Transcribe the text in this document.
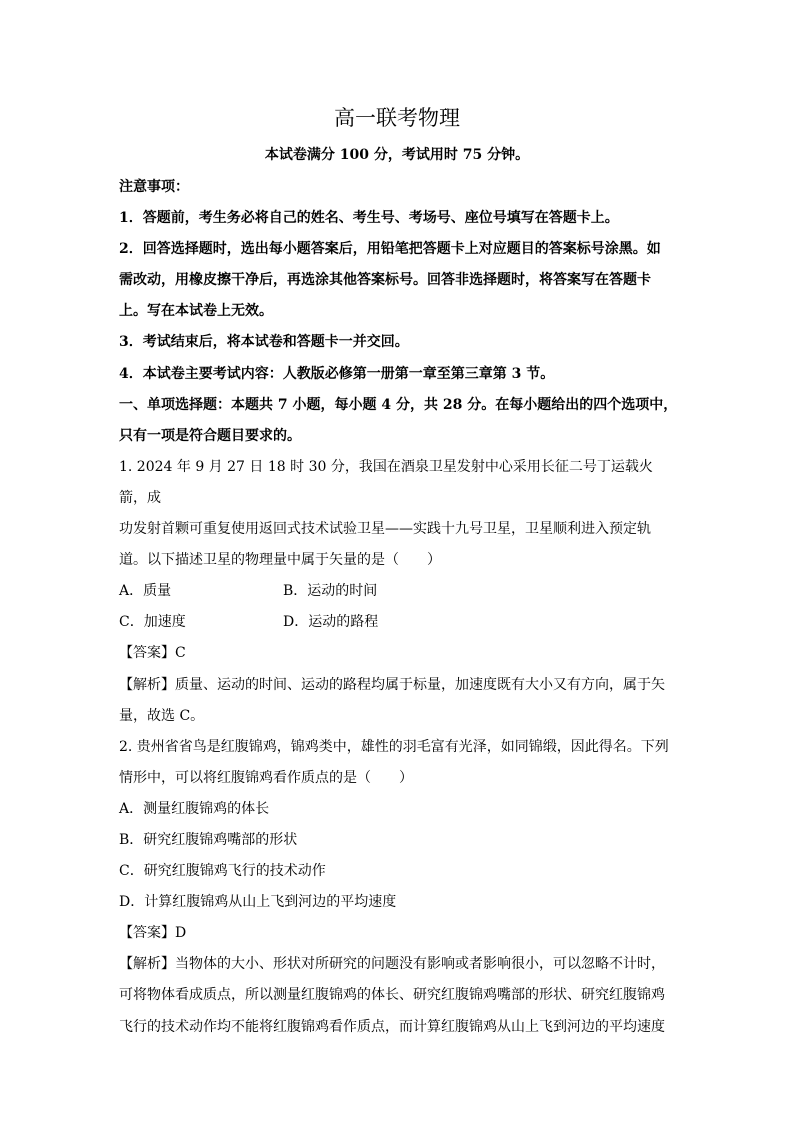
高一联考物理
本试卷满分 100 分，考试用时 75 分钟。

注意事项：

1．答题前，考生务必将自己的姓名、考生号、考场号、座位号填写在答题卡上。

2．回答选择题时，选出每小题答案后，用铅笔把答题卡上对应题目的答案标号涂黑。如

需改动，用橡皮擦干净后，再选涂其他答案标号。回答非选择题时，将答案写在答题卡

上。写在本试卷上无效。

3．考试结束后，将本试卷和答题卡一并交回。

4．本试卷主要考试内容：人教版必修第一册第一章至第三章第 3 节。

一、单项选择题：本题共 7 小题，每小题 4 分，共 28 分。在每小题给出的四个选项中，

只有一项是符合题目要求的。

1. 2024 年 9 月 27 日 18 时 30 分，我国在酒泉卫星发射中心采用长征二号丁运载火箭，成

功发射首颗可重复使用返回式技术试验卫星——实践十九号卫星，卫星顺利进入预定轨

道。以下描述卫星的物理量中属于矢量的是（　　）

A．质量	B．运动的时间
C．加速度	D．运动的路程

【答案】C

【解析】质量、运动的时间、运动的路程均属于标量，加速度既有大小又有方向，属于矢

量，故选 C。

2. 贵州省省鸟是红腹锦鸡，锦鸡类中，雄性的羽毛富有光泽，如同锦缎，因此得名。下列

情形中，可以将红腹锦鸡看作质点的是（　　）

A．测量红腹锦鸡的体长

B．研究红腹锦鸡嘴部的形状

C．研究红腹锦鸡飞行的技术动作

D．计算红腹锦鸡从山上飞到河边的平均速度

【答案】D

【解析】当物体的大小、形状对所研究的问题没有影响或者影响很小，可以忽略不计时，

可将物体看成质点，所以测量红腹锦鸡的体长、研究红腹锦鸡嘴部的形状、研究红腹锦鸡

飞行的技术动作均不能将红腹锦鸡看作质点，而计算红腹锦鸡从山上飞到河边的平均速度
